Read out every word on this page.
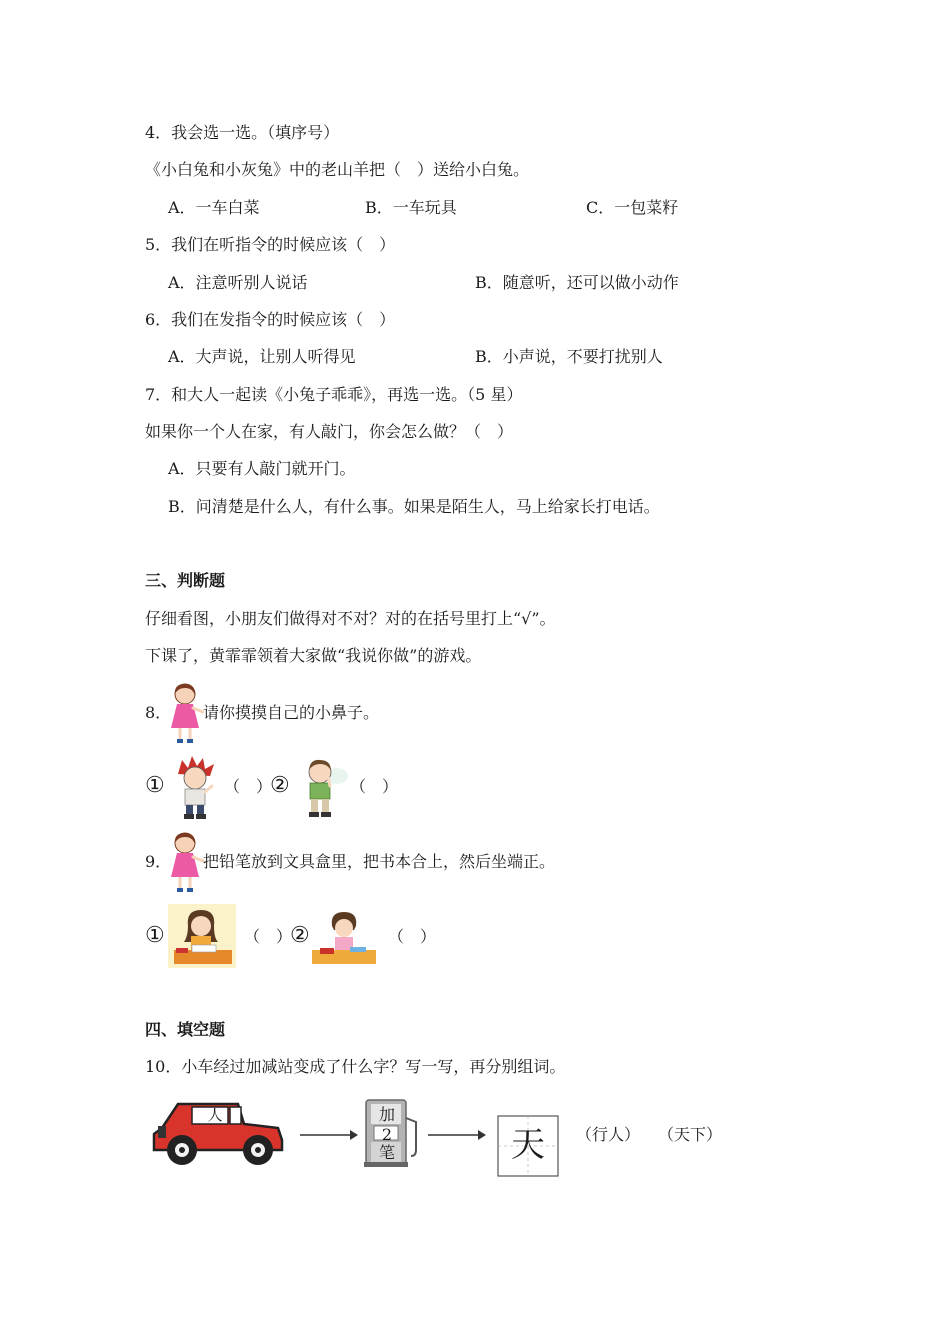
4．我会选一选。（填序号）
《小白兔和小灰兔》中的老山羊把（　）送给小白兔。
A．一车白菜	B．一车玩具	C．一包菜籽
5．我们在听指令的时候应该（　）
A．注意听别人说话	B．随意听，还可以做小动作
6．我们在发指令的时候应该（　）
A．大声说，让别人听得见	B．小声说，不要打扰别人
7．和大人一起读《小兔子乖乖》，再选一选。（5 星）
如果你一个人在家，有人敲门，你会怎么做？（　）
A．只要有人敲门就开门。
B．问清楚是什么人，有什么事。如果是陌生人，马上给家长打电话。
三、判断题
仔细看图，小朋友们做得对不对？对的在括号里打上“√”。
下课了，黄霏霏领着大家做“我说你做”的游戏。
8． 请你摸摸自己的小鼻子。
①	（　）
②	（　）
9． 把铅笔放到文具盒里，把书本合上，然后坐端正。
①	（　）
②	（　）
四、填空题
10．小车经过加减站变成了什么字？写一写，再分别组词。
人	加
2
笔	天	（行人） （天下）
